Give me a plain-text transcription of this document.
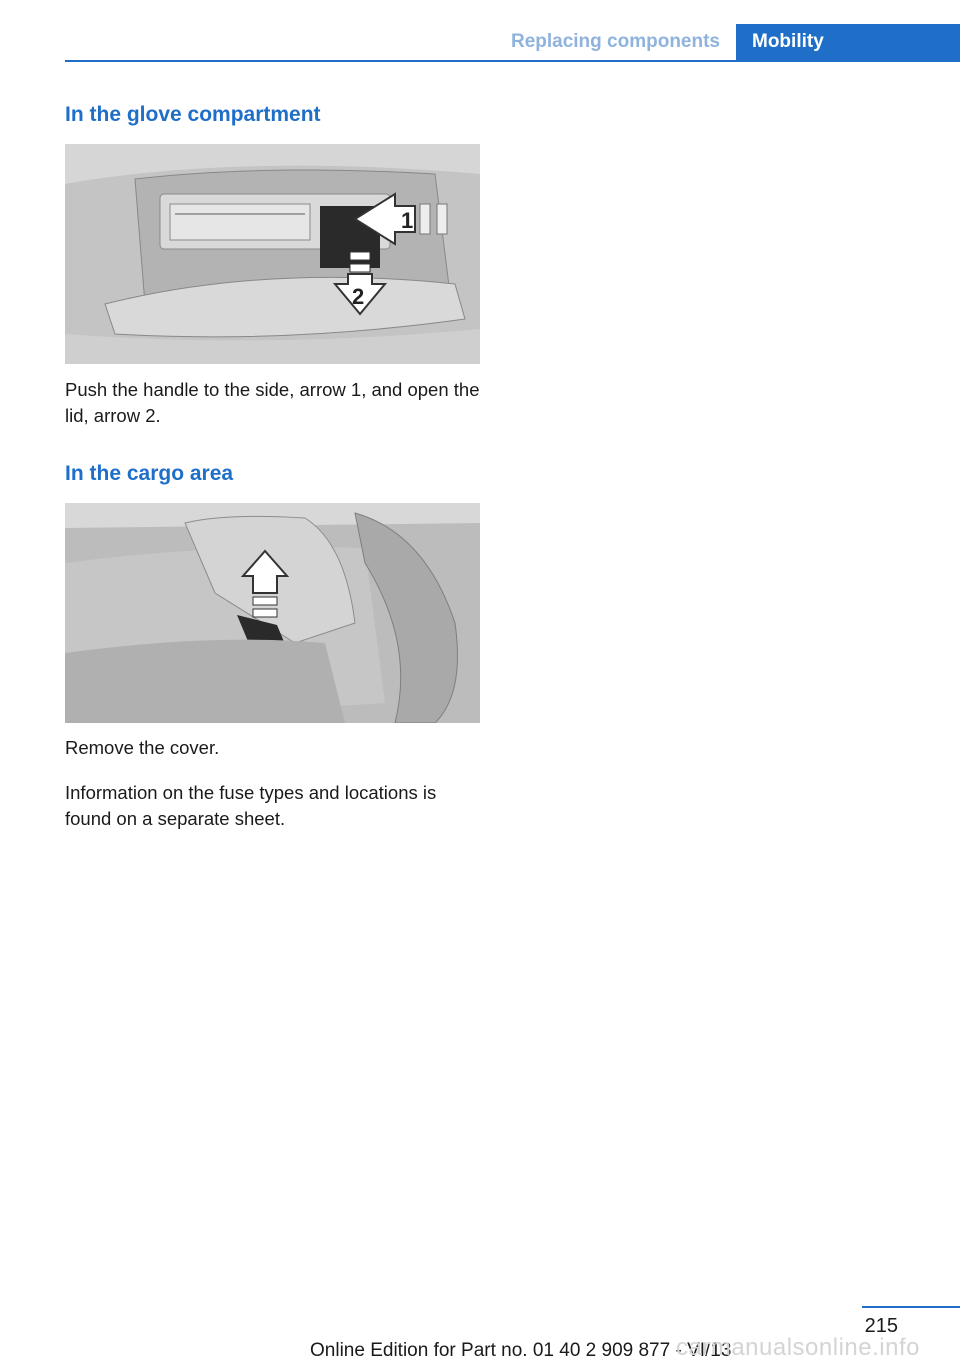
Replacing components	Mobility
In the glove compartment
1
2

Push the handle to the side, arrow 1, and open the lid, arrow 2.

In the cargo area

Remove the cover.

Information on the fuse types and locations is found on a separate sheet.

215
Online Edition for Part no. 01 40 2 909 877 - VI/13
carmanualsonline.info
